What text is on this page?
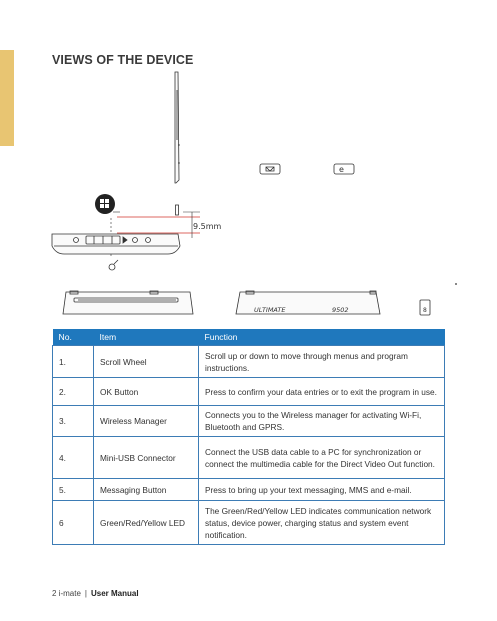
VIEWS OF THE DEVICE
9.5mm
e
ULTIMATE	9502	8
No.	Item	Function
1.	Scroll Wheel	Scroll up or down to move through menus and program instructions.
2.	OK Button	Press to confirm your data entries or to exit the program in use.
3.	Wireless Manager	Connects you to the Wireless manager for activating Wi-Fi, Bluetooth and GPRS.
4.	Mini-USB Connector	Connect the USB data cable to a PC for synchronization or connect the multimedia cable for the Direct Video Out function.
5.	Messaging Button	Press to bring up your text messaging, MMS and e-mail.
6	Green/Red/Yellow LED	The Green/Red/Yellow LED indicates communication network status, device power, charging status and system event notification.
2 i-mate | User Manual
